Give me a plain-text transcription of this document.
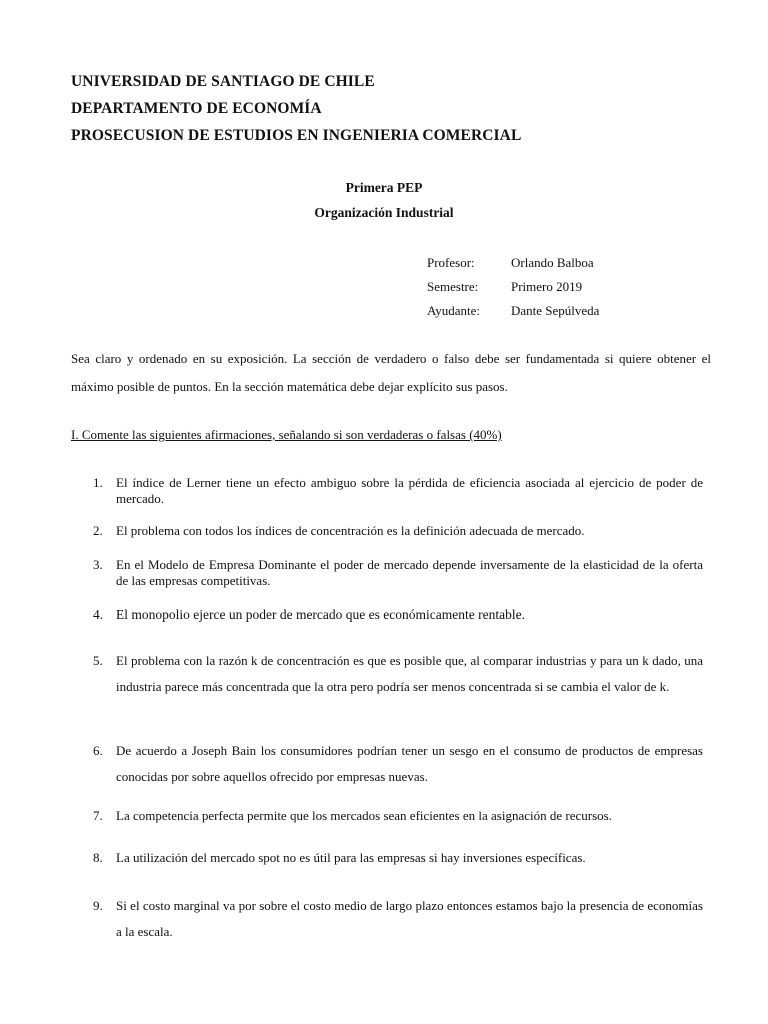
UNIVERSIDAD DE SANTIAGO DE CHILE
DEPARTAMENTO DE ECONOMÍA
PROSECUSION DE ESTUDIOS EN INGENIERIA COMERCIAL
Primera PEP
Organización Industrial
Profesor:	Orlando Balboa
Semestre:	Primero 2019
Ayudante: Dante Sepúlveda
Sea claro y ordenado en su exposición. La sección de verdadero o falso debe ser fundamentada si quiere obtener el máximo posible de puntos. En la sección matemática debe dejar explícito sus pasos.
I. Comente las siguientes afirmaciones, señalando si son verdaderas o falsas (40%)
1. El índice de Lerner tiene un efecto ambiguo sobre la pérdida de eficiencia asociada al ejercicio de poder de mercado.
2. El problema con todos los índices de concentración es la definición adecuada de mercado.
3. En el Modelo de Empresa Dominante el poder de mercado depende inversamente de la elasticidad de la oferta de las empresas competitivas.
4. El monopolio ejerce un poder de mercado que es económicamente rentable.
5. El problema con la razón k de concentración es que es posible que, al comparar industrias y para un k dado, una industria parece más concentrada que la otra pero podría ser menos concentrada si se cambia el valor de k.
6. De acuerdo a Joseph Bain los consumidores podrían tener un sesgo en el consumo de productos de empresas conocidas por sobre aquellos ofrecido por empresas nuevas.
7. La competencia perfecta permite que los mercados sean eficientes en la asignación de recursos.
8. La utilización del mercado spot no es útil para las empresas si hay inversiones específicas.
9. Si el costo marginal va por sobre el costo medio de largo plazo entonces estamos bajo la presencia de economías a la escala.
